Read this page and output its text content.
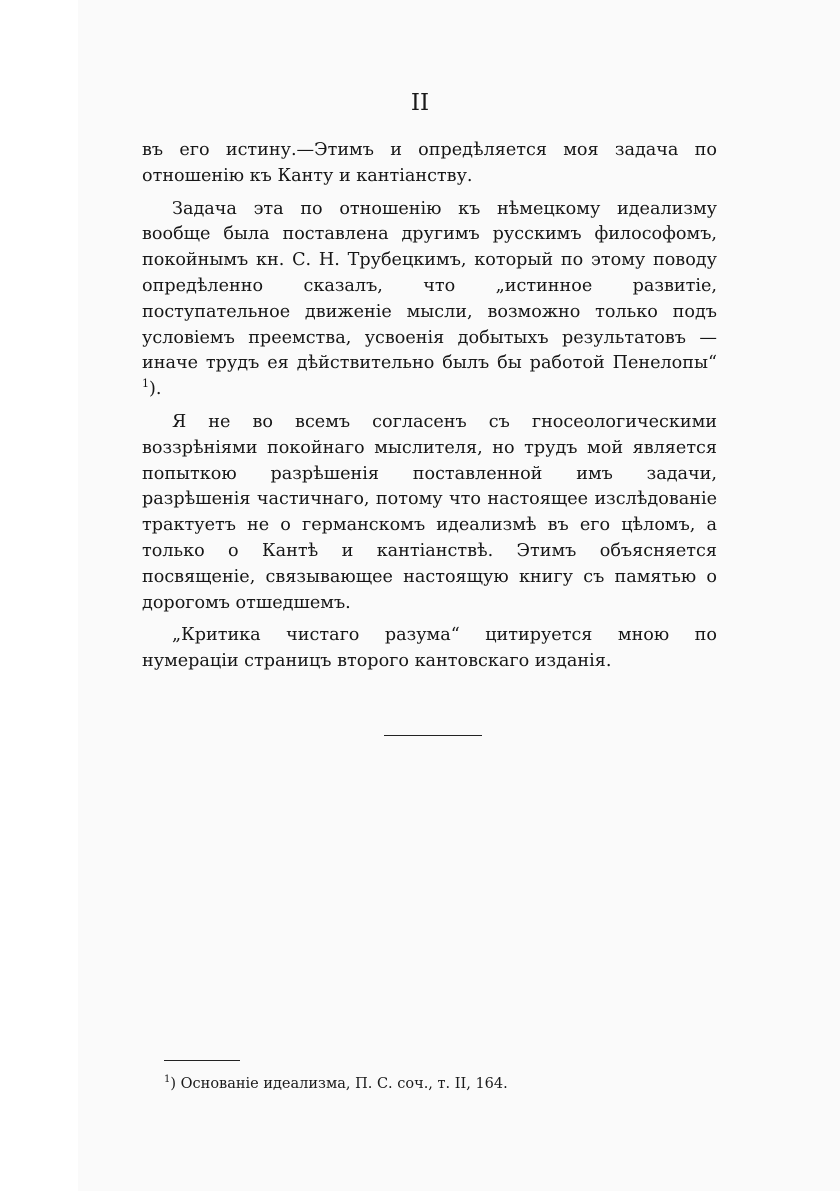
II

въ его истину.—Этимъ и опредѣляется моя задача по отношенію къ Канту и кантіанству.

Задача эта по отношенію къ нѣмецкому идеализму вообще была поставлена другимъ русскимъ философомъ, покойнымъ кн. С. Н. Трубецкимъ, который по этому поводу опредѣленно сказалъ, что „истинное развитіе, поступательное движеніе мысли, возможно только подъ условіемъ преемства, усвоенія добытыхъ результатовъ — иначе трудъ ея дѣйствительно былъ бы работой Пенелопы“ $^1$).

Я не во всемъ согласенъ съ гносеологическими воззрѣніями покойнаго мыслителя, но трудъ мой является попыткою разрѣшенія поставленной имъ задачи, разрѣшенія частичнаго, потому что настоящее изслѣдованіе трактуетъ не о германскомъ идеализмѣ въ его цѣломъ, а только о Кантѣ и кантіанствѣ. Этимъ объясняется посвященіе, связывающее настоящую книгу съ памятью о дорогомъ отшедшемъ.

„Критика чистаго разума“ цитируется мною по нумераціи страницъ второго кантовскаго изданія.

$^1$) Основаніе идеализма, П. С. соч., т. II, 164.
